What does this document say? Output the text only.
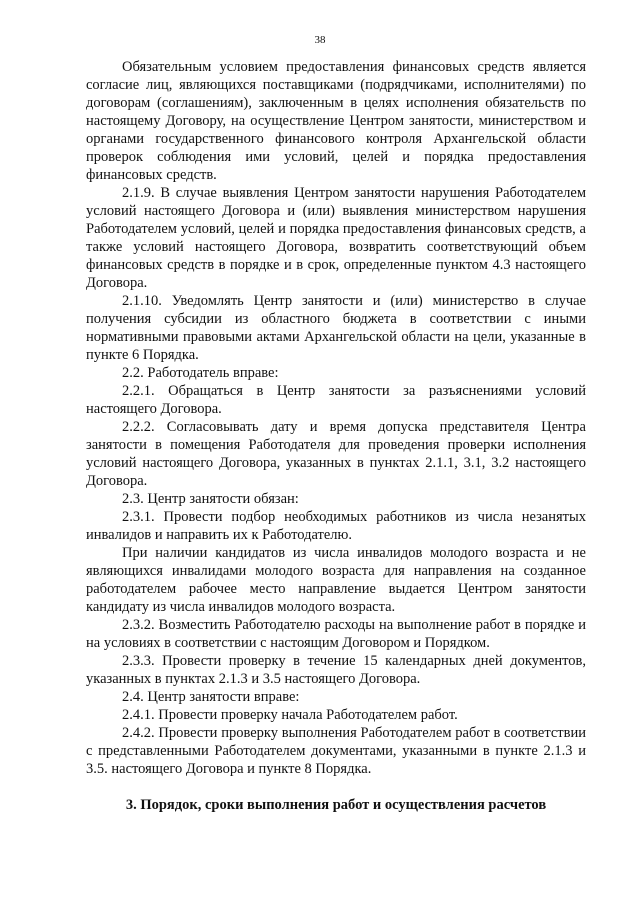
38

Обязательным условием предоставления финансовых средств является согласие лиц, являющихся поставщиками (подрядчиками, исполнителями) по договорам (соглашениям), заключенным в целях исполнения обязательств по настоящему Договору, на осуществление Центром занятости, министерством и органами государственного финансового контроля Архангельской области проверок соблюдения ими условий, целей и порядка предоставления финансовых средств.

2.1.9. В случае выявления Центром занятости нарушения Работодателем условий настоящего Договора и (или) выявления министерством нарушения Работодателем условий, целей и порядка предоставления финансовых средств, а также условий настоящего Договора, возвратить соответствующий объем финансовых средств в порядке и в срок, определенные пунктом 4.3 настоящего Договора.

2.1.10. Уведомлять Центр занятости и (или) министерство в случае получения субсидии из областного бюджета в соответствии с иными нормативными правовыми актами Архангельской области на цели, указанные в пункте 6 Порядка.

2.2. Работодатель вправе:

2.2.1. Обращаться в Центр занятости за разъяснениями условий настоящего Договора.

2.2.2. Согласовывать дату и время допуска представителя Центра занятости в помещения Работодателя для проведения проверки исполнения условий настоящего Договора, указанных в пунктах 2.1.1, 3.1, 3.2 настоящего Договора.

2.3. Центр занятости обязан:

2.3.1. Провести подбор необходимых работников из числа незанятых инвалидов и направить их к Работодателю.

При наличии кандидатов из числа инвалидов молодого возраста и не являющихся инвалидами молодого возраста для направления на созданное работодателем рабочее место направление выдается Центром занятости кандидату из числа инвалидов молодого возраста.

2.3.2. Возместить Работодателю расходы на выполнение работ в порядке и на условиях в соответствии с настоящим Договором и Порядком.

2.3.3. Провести проверку в течение 15 календарных дней документов, указанных в пунктах 2.1.3 и 3.5 настоящего Договора.

2.4. Центр занятости вправе:

2.4.1. Провести проверку начала Работодателем работ.

2.4.2. Провести проверку выполнения Работодателем работ в соответствии с представленными Работодателем документами, указанными в пункте 2.1.3 и 3.5. настоящего Договора и пункте 8 Порядка.

3. Порядок, сроки выполнения работ и осуществления расчетов
